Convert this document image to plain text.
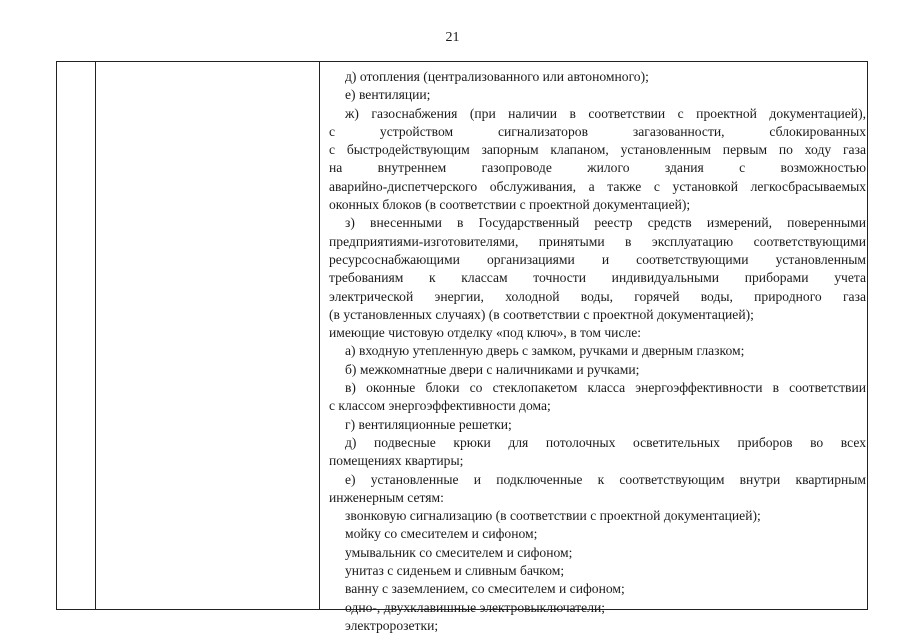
21
д) отопления (централизованного или автономного);
е) вентиляции;
ж) газоснабжения (при наличии в соответствии с проектной документацией),
с устройством сигнализаторов загазованности, сблокированных
с быстродействующим запорным клапаном, установленным первым по ходу газа
на внутреннем газопроводе жилого здания с возможностью
аварийно-диспетчерского обслуживания, а также с установкой легкосбрасываемых
оконных блоков (в соответствии с проектной документацией);
з) внесенными в Государственный реестр средств измерений, поверенными
предприятиями-изготовителями, принятыми в эксплуатацию соответствующими
ресурсоснабжающими организациями и соответствующими установленным
требованиям к классам точности индивидуальными приборами учета
электрической энергии, холодной воды, горячей воды, природного газа
(в установленных случаях) (в соответствии с проектной документацией);
имеющие чистовую отделку «под ключ», в том числе:
а) входную утепленную дверь с замком, ручками и дверным глазком;
б) межкомнатные двери с наличниками и ручками;
в) оконные блоки со стеклопакетом класса энергоэффективности в соответствии
с классом энергоэффективности дома;
г) вентиляционные решетки;
д) подвесные крюки для потолочных осветительных приборов во всех
помещениях квартиры;
е) установленные и подключенные к соответствующим внутри квартирным
инженерным сетям:
звонковую сигнализацию (в соответствии с проектной документацией);
мойку со смесителем и сифоном;
умывальник со смесителем и сифоном;
унитаз с сиденьем и сливным бачком;
ванну с заземлением, со смесителем и сифоном;
одно-, двухклавишные электровыключатели;
электророзетки;
